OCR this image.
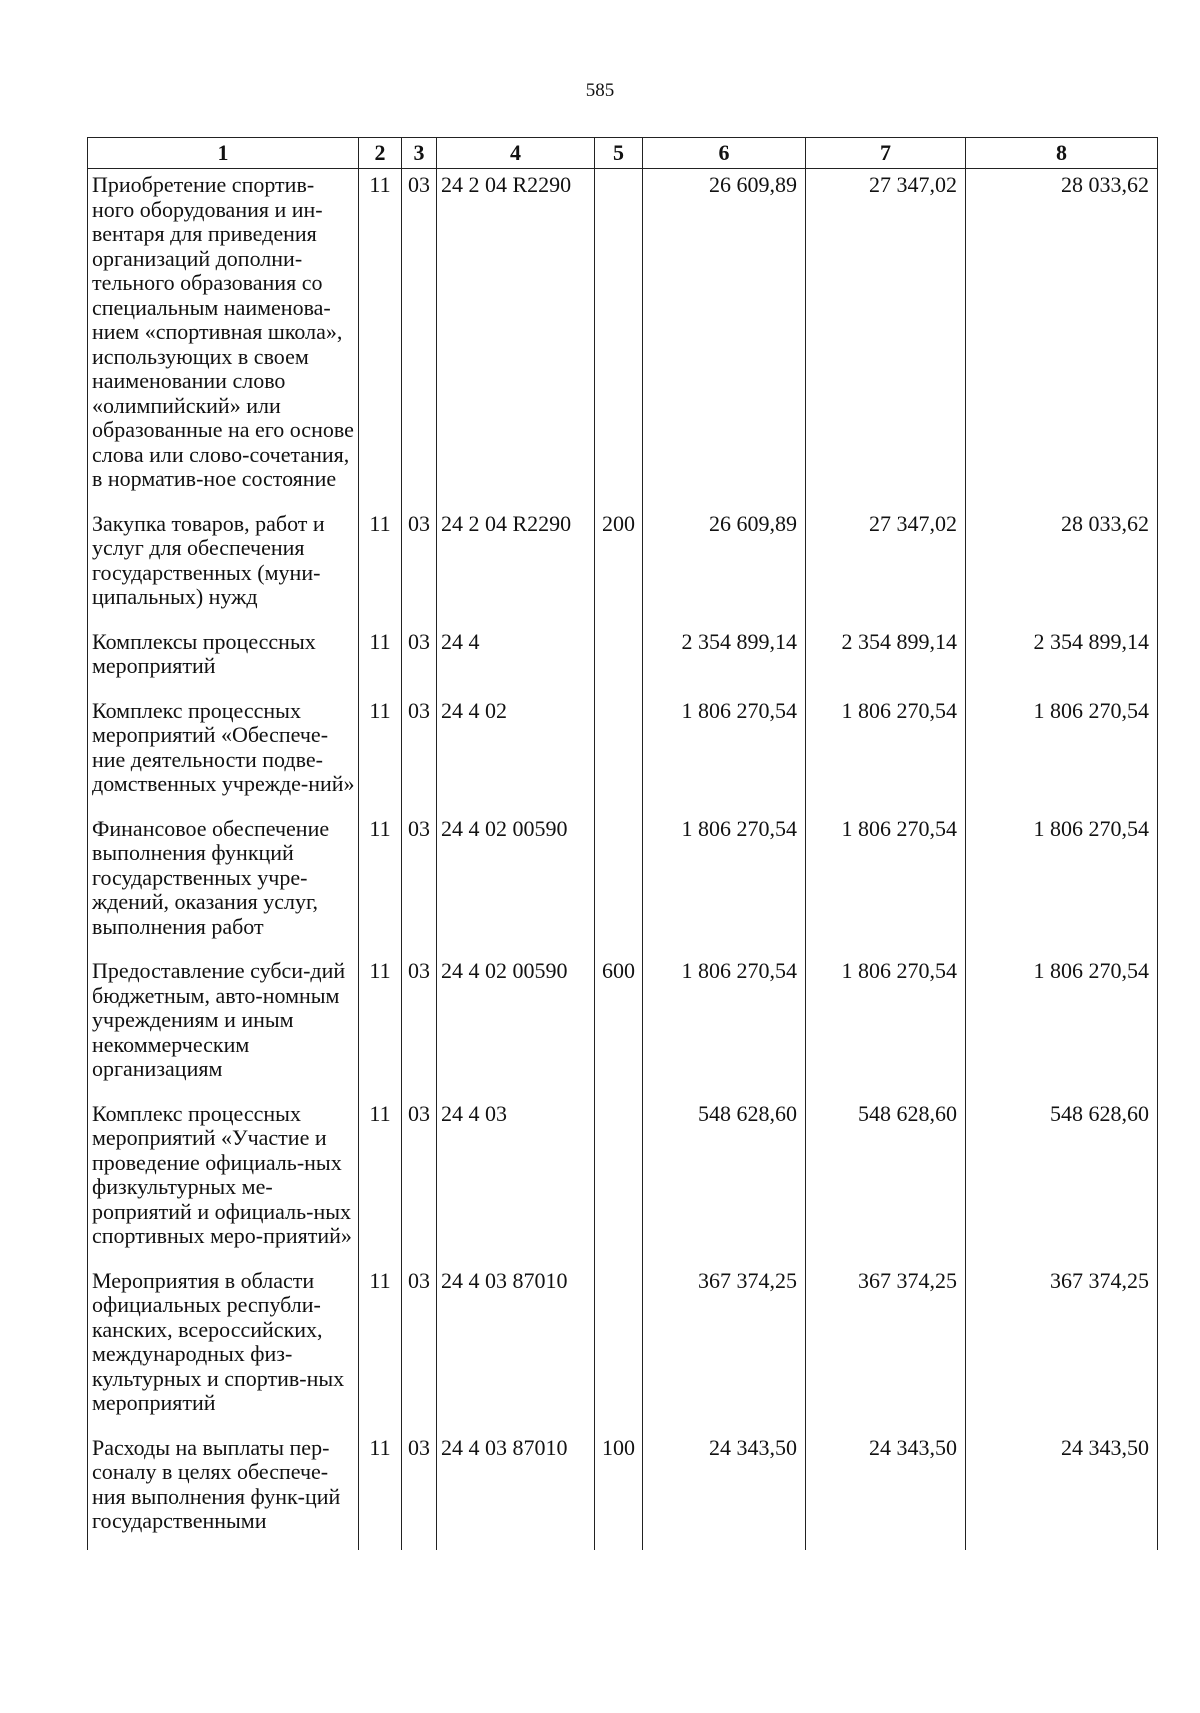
585
1	2	3	4	5	6	7	8

Приобретение спортив-ного оборудования и ин-вентаря для приведения организаций дополни-тельного образования со специальным наименова-нием «спортивная школа», использующих в своем наименовании слово «олимпийский» или образованные на его основе слова или слово-сочетания, в норматив-ное состояние	11	03	24 2 04 R2290		26 609,89	27 347,02	28 033,62

Закупка товаров, работ и услуг для обеспечения государственных (муни-ципальных) нужд	11	03	24 2 04 R2290	200	26 609,89	27 347,02	28 033,62

Комплексы процессных мероприятий	11	03	24 4		2 354 899,14	2 354 899,14	2 354 899,14

Комплекс процессных мероприятий «Обеспече-ние деятельности подве-домственных учрежде-ний»	11	03	24 4 02		1 806 270,54	1 806 270,54	1 806 270,54

Финансовое обеспечение выполнения функций государственных учре-ждений, оказания услуг, выполнения работ	11	03	24 4 02 00590		1 806 270,54	1 806 270,54	1 806 270,54

Предоставление субси-дий бюджетным, авто-номным учреждениям и иным некоммерческим организациям	11	03	24 4 02 00590	600	1 806 270,54	1 806 270,54	1 806 270,54

Комплекс процессных мероприятий «Участие и проведение официаль-ных физкультурных ме-роприятий и официаль-ных спортивных меро-приятий»	11	03	24 4 03		548 628,60	548 628,60	548 628,60

Мероприятия в области официальных республи-канских, всероссийских, международных физ-культурных и спортив-ных мероприятий	11	03	24 4 03 87010		367 374,25	367 374,25	367 374,25

Расходы на выплаты пер-соналу в целях обеспече-ния выполнения функ-ций государственными	11	03	24 4 03 87010	100	24 343,50	24 343,50	24 343,50
